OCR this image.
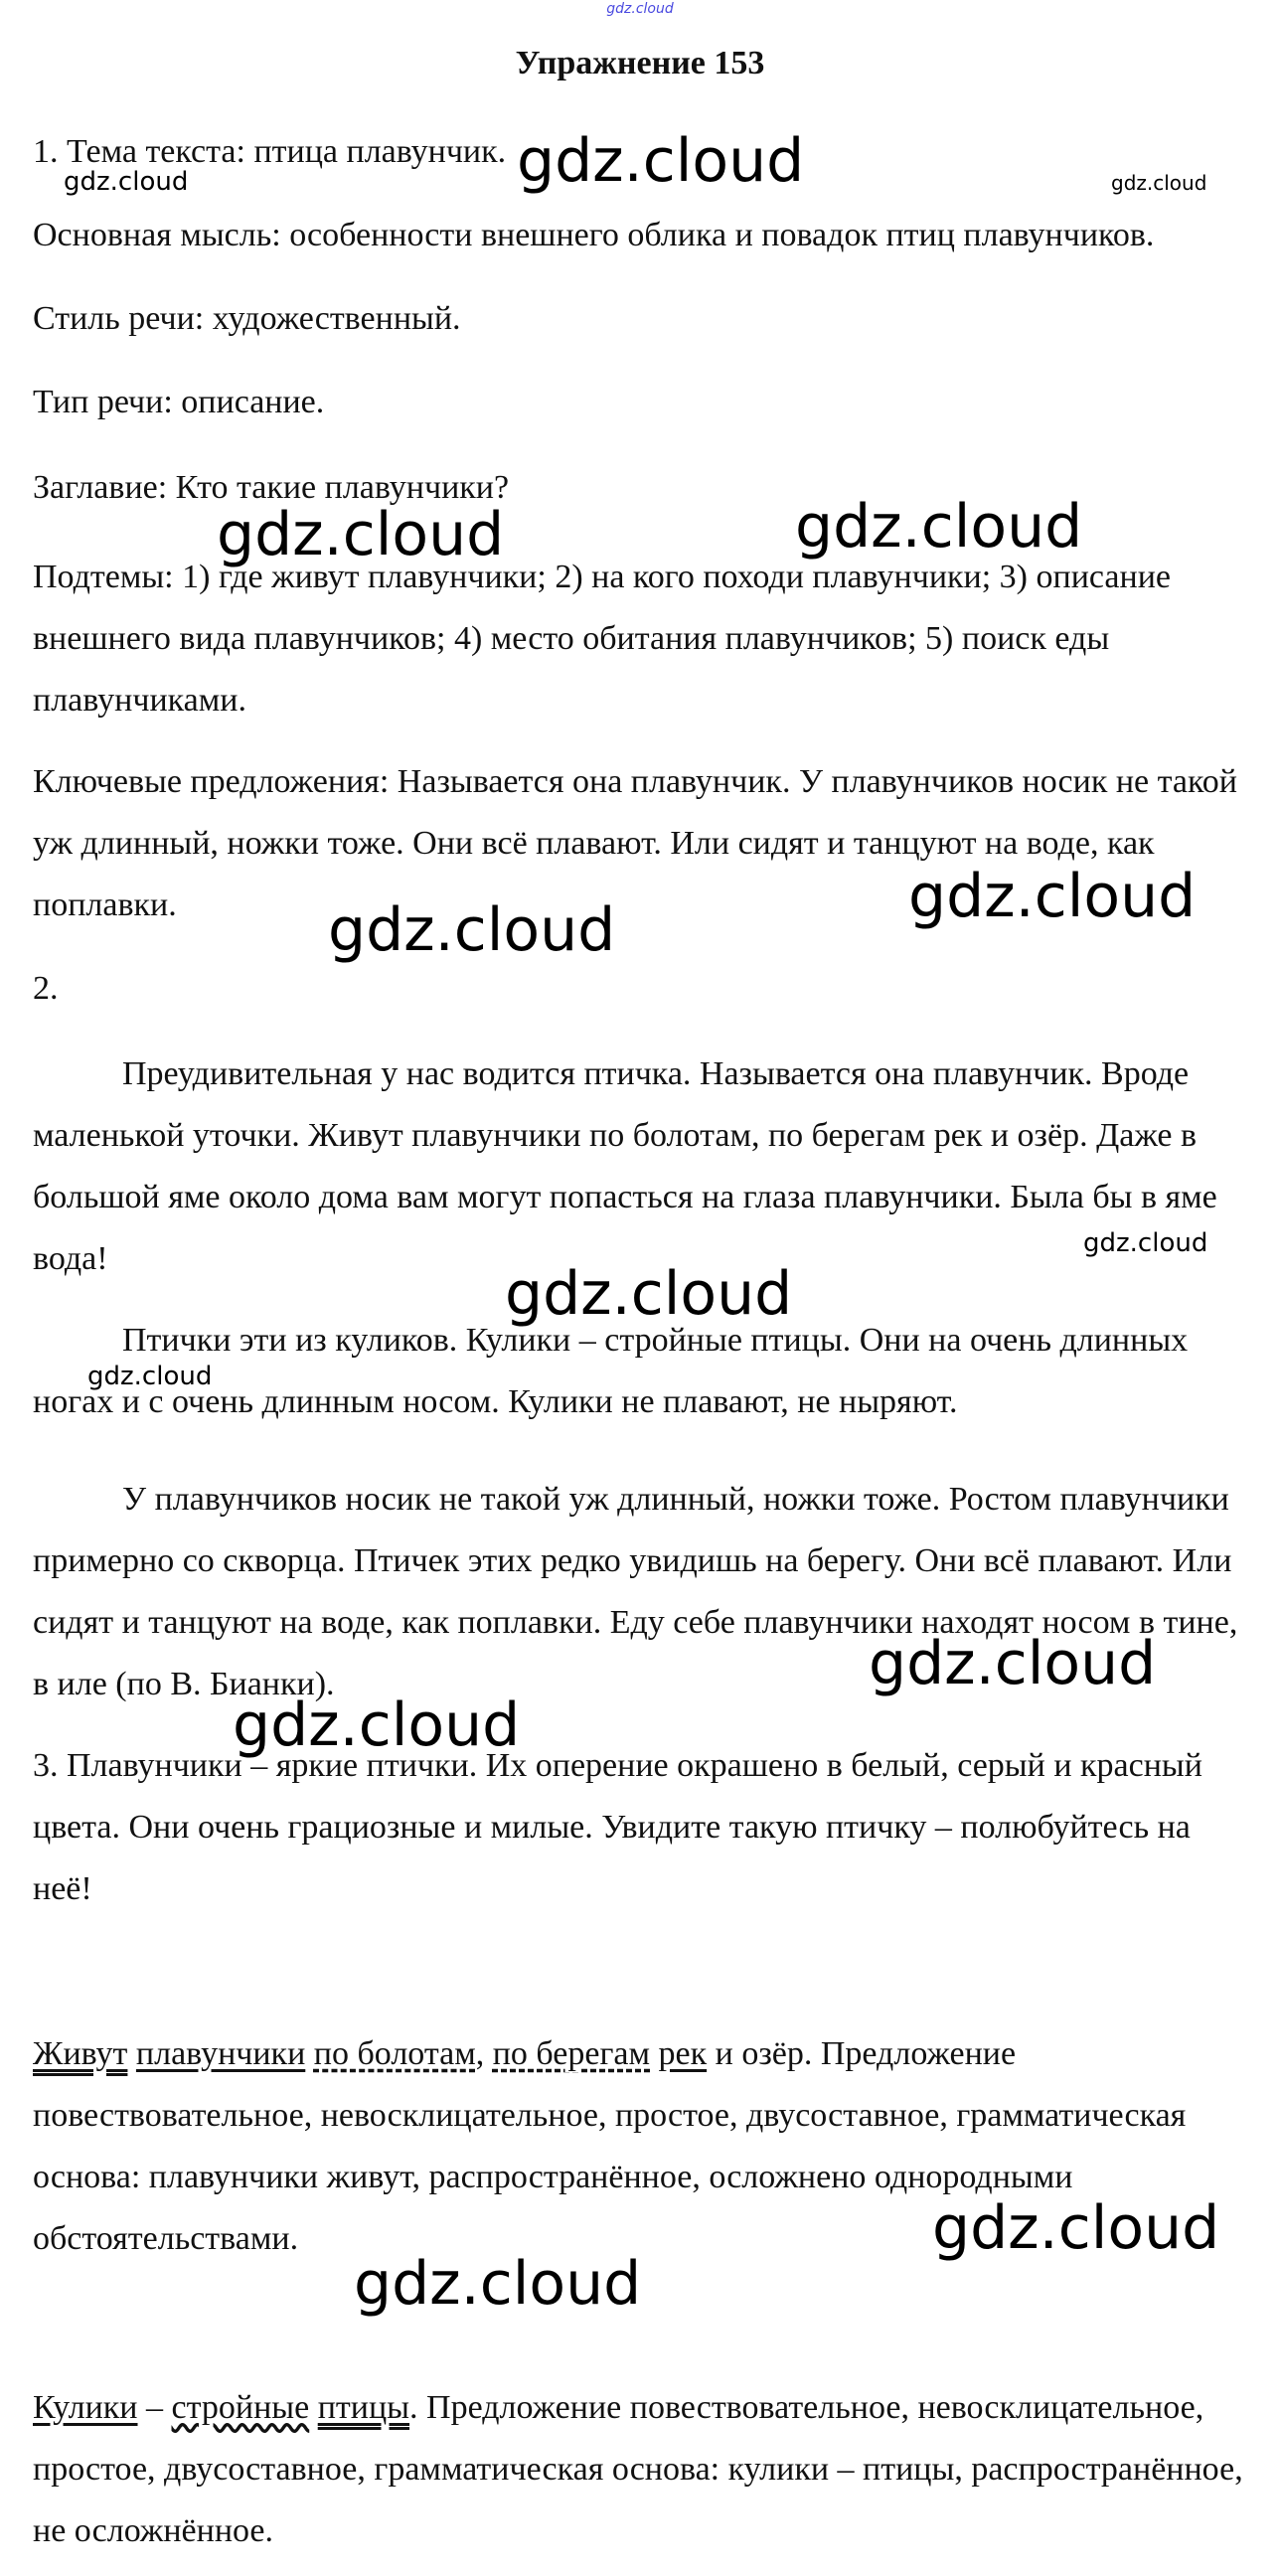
gdz.cloud
Упражнение 153

1. Тема текста: птица плавунчик.

Основная мысль: особенности внешнего облика и повадок птиц плавунчиков.

Стиль речи: художественный.

Тип речи: описание.

Заглавие: Кто такие плавунчики?

Подтемы: 1) где живут плавунчики; 2) на кого походи плавунчики; 3) описание внешнего вида плавунчиков; 4) место обитания плавунчиков; 5) поиск еды плавунчиками.

Ключевые предложения: Называется она плавунчик. У плавунчиков носик не такой уж длинный, ножки тоже. Они всё плавают. Или сидят и танцуют на воде, как поплавки.

2.

Преудивительная у нас водится птичка. Называется она плавунчик. Вроде маленькой уточки. Живут плавунчики по болотам, по берегам рек и озёр. Даже в большой яме около дома вам могут попасться на глаза плавунчики. Была бы в яме вода!

Птички эти из куликов. Кулики – стройные птицы. Они на очень длинных ногах и с очень длинным носом. Кулики не плавают, не ныряют.

У плавунчиков носик не такой уж длинный, ножки тоже. Ростом плавунчики примерно со скворца. Птичек этих редко увидишь на берегу. Они всё плавают. Или сидят и танцуют на воде, как поплавки. Еду себе плавунчики находят носом в тине, в иле (по В. Бианки).

3. Плавунчики – яркие птички. Их оперение окрашено в белый, серый и красный цвета. Они очень грациозные и милые. Увидите такую птичку – полюбуйтесь на неё!

Живут плавунчики по болотам, по берегам рек и озёр. Предложение повествовательное, невосклицательное, простое, двусоставное, грамматическая основа: плавунчики живут, распространённое, осложнено однородными обстоятельствами.

Кулики – стройные птицы. Предложение повествовательное, невосклицательное, простое, двусоставное, грамматическая основа: кулики – птицы, распространённое, не осложнённое.

gdz.cloud
gdz.cloud	gdz.cloud
gdz.cloud	gdz.cloud
gdz.cloud
gdz.cloud
gdz.cloud
gdz.cloud
gdz.cloud
gdz.cloud
gdz.cloud
gdz.cloud
gdz.cloud
